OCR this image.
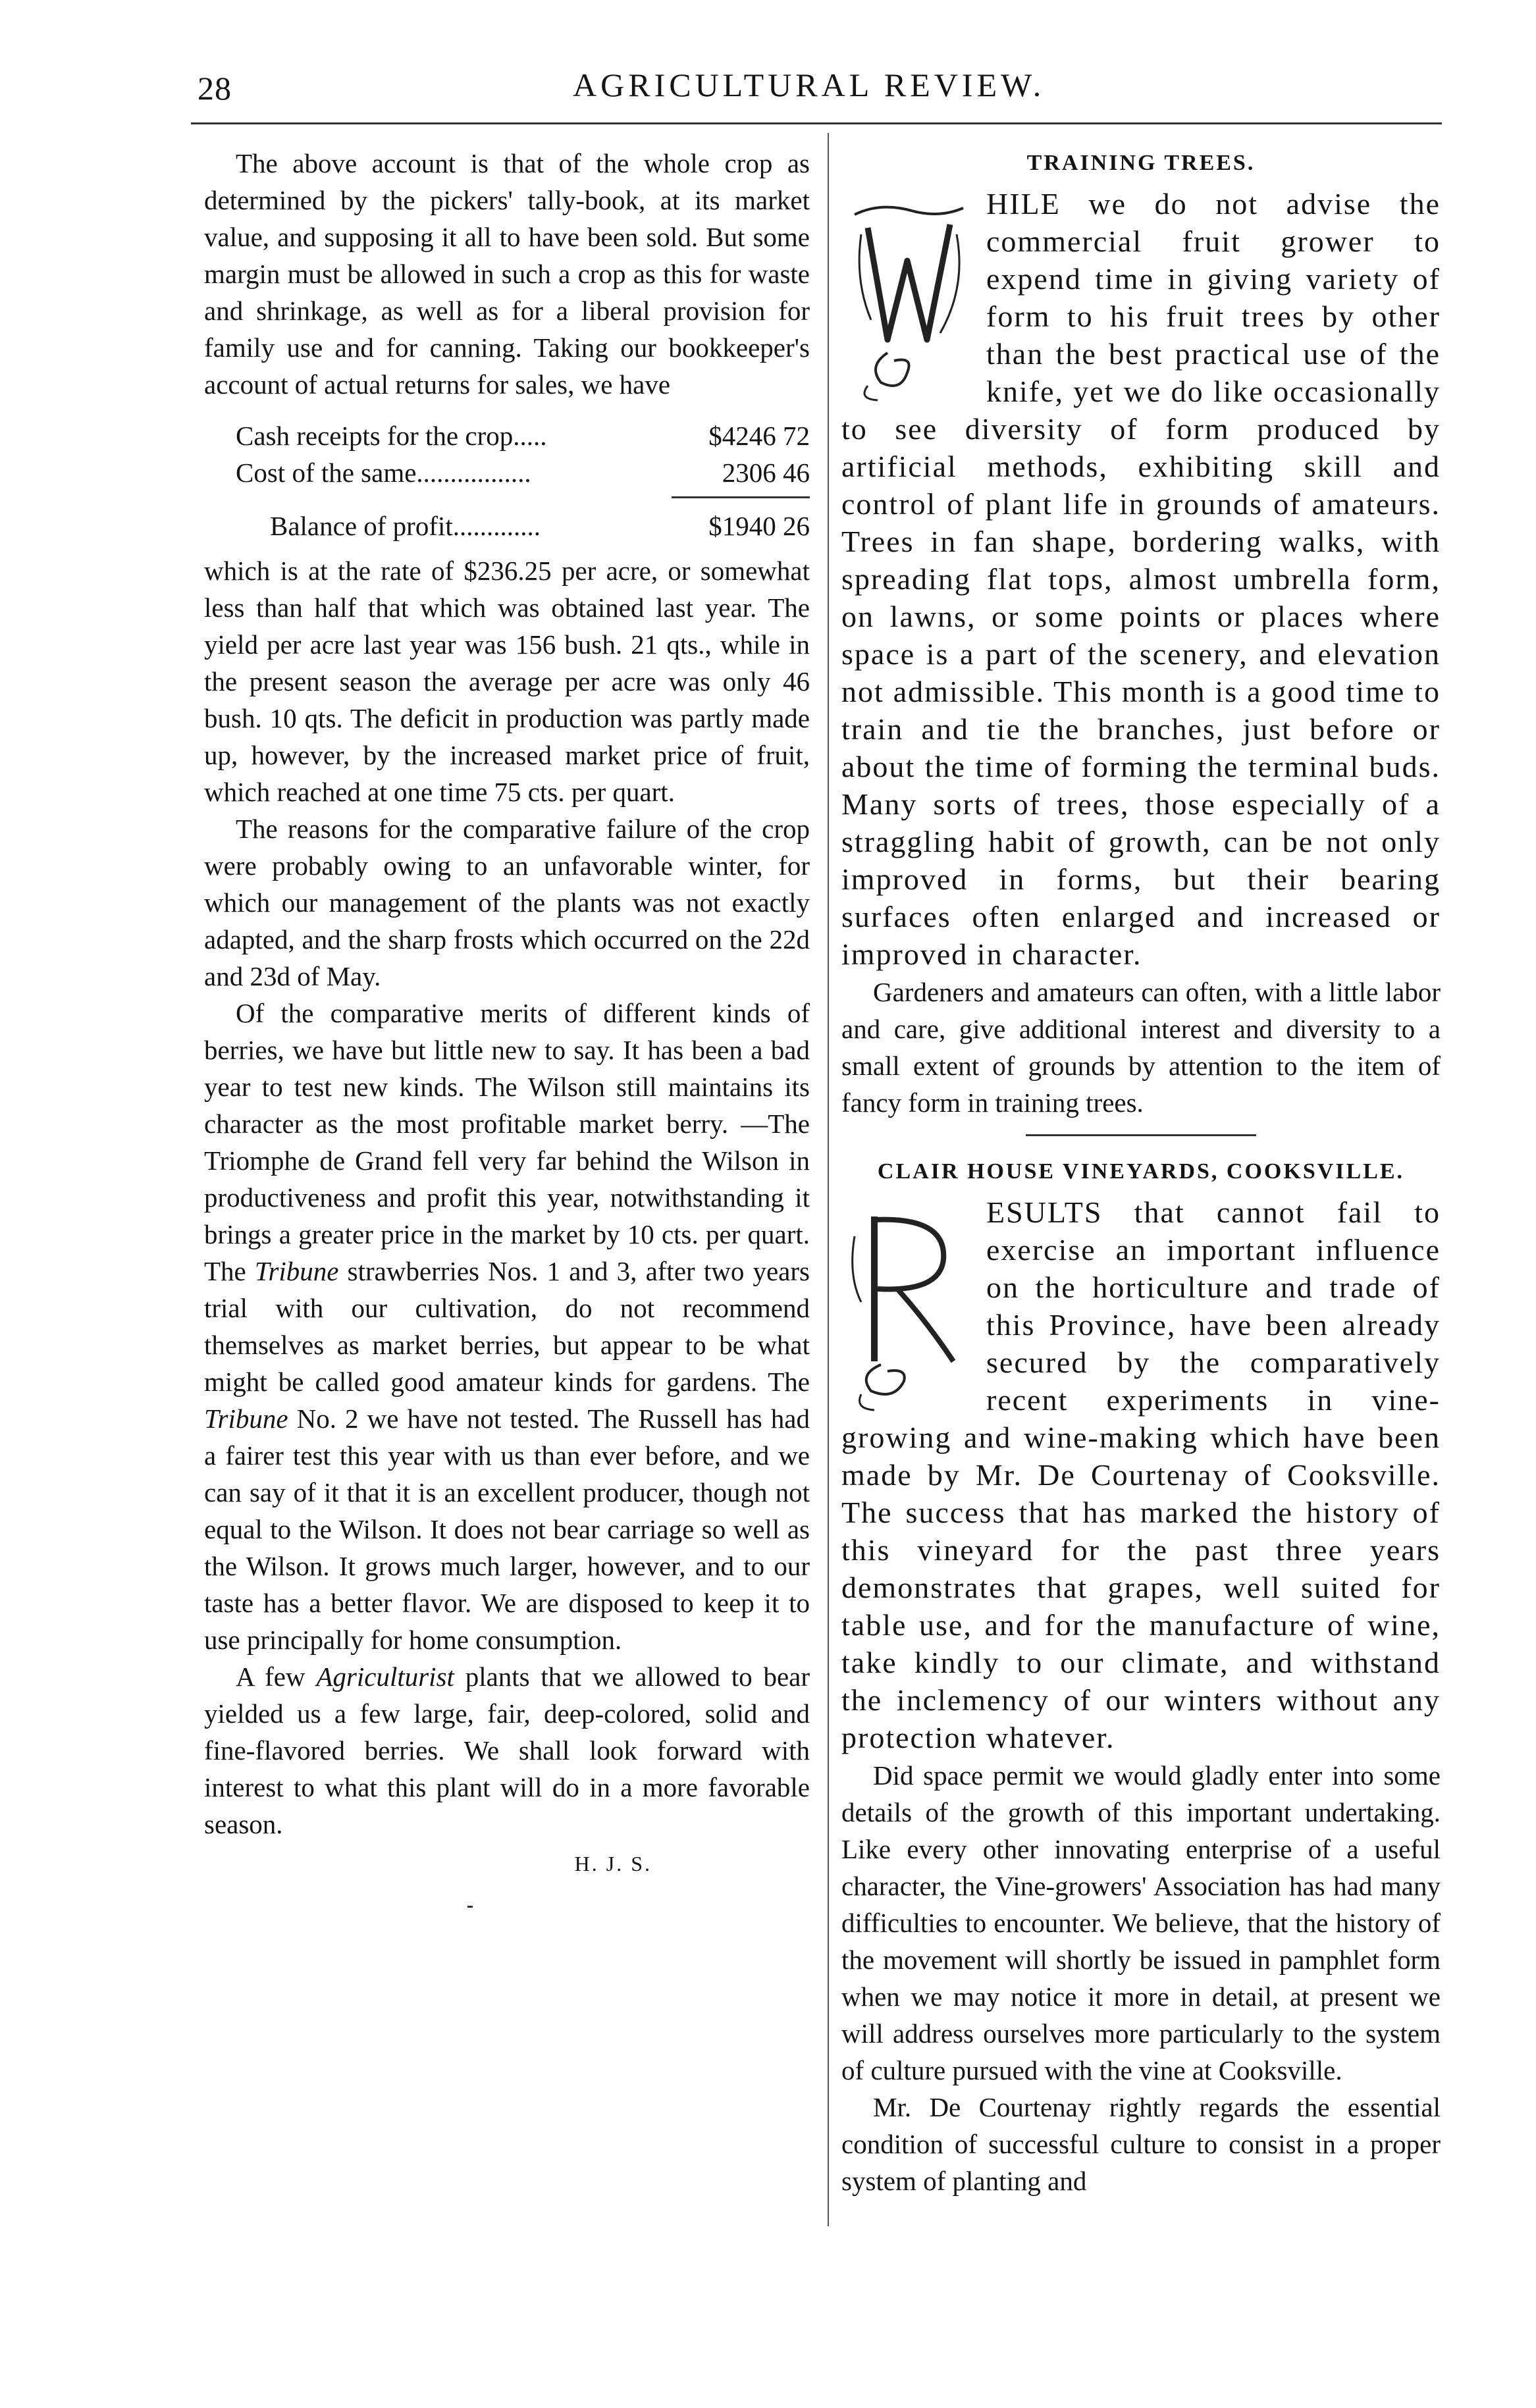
28	AGRICULTURAL REVIEW.

The above account is that of the whole crop as determined by the pickers' tally-book, at its market value, and supposing it all to have been sold. But some margin must be allowed in such a crop as this for waste and shrinkage, as well as for a liberal provision for family use and for canning. Taking our bookkeeper's account of actual returns for sales, we have

Cash receipts for the crop.....	$4246 72
Cost of the same.................	2306 46
Balance of profit.............	$1940 26

which is at the rate of $236.25 per acre, or somewhat less than half that which was obtained last year. The yield per acre last year was 156 bush. 21 qts., while in the present season the average per acre was only 46 bush. 10 qts. The deficit in production was partly made up, however, by the increased market price of fruit, which reached at one time 75 cts. per quart.

The reasons for the comparative failure of the crop were probably owing to an unfavorable winter, for which our management of the plants was not exactly adapted, and the sharp frosts which occurred on the 22d and 23d of May.

Of the comparative merits of different kinds of berries, we have but little new to say. It has been a bad year to test new kinds. The Wilson still maintains its character as the most profitable market berry. —The Triomphe de Grand fell very far behind the Wilson in productiveness and profit this year, notwithstanding it brings a greater price in the market by 10 cts. per quart. The Tribune strawberries Nos. 1 and 3, after two years trial with our cultivation, do not recommend themselves as market berries, but appear to be what might be called good amateur kinds for gardens. The Tribune No. 2 we have not tested. The Russell has had a fairer test this year with us than ever before, and we can say of it that it is an excellent producer, though not equal to the Wilson. It does not bear carriage so well as the Wilson. It grows much larger, however, and to our taste has a better flavor. We are disposed to keep it to use principally for home consumption.

A few Agriculturist plants that we allowed to bear yielded us a few large, fair, deep-colored, solid and fine-flavored berries. We shall look forward with interest to what this plant will do in a more favorable season.

H. J. S.
TRAINING TREES.

HILE we do not advise the commercial fruit grower to expend time in giving variety of form to his fruit trees by other than the best practical use of the knife, yet we do like occasionally to see diversity of form produced by artificial methods, exhibiting skill and control of plant life in grounds of amateurs. Trees in fan shape, bordering walks, with spreading flat tops, almost umbrella form, on lawns, or some points or places where space is a part of the scenery, and elevation not admissible. This month is a good time to train and tie the branches, just before or about the time of forming the terminal buds. Many sorts of trees, those especially of a straggling habit of growth, can be not only improved in forms, but their bearing surfaces often enlarged and increased or improved in character.

Gardeners and amateurs can often, with a little labor and care, give additional interest and diversity to a small extent of grounds by attention to the item of fancy form in training trees.

CLAIR HOUSE VINEYARDS, COOKSVILLE.

ESULTS that cannot fail to exercise an important influence on the horticulture and trade of this Province, have been already secured by the comparatively recent experiments in vine-growing and wine-making which have been made by Mr. De Courtenay of Cooksville. The success that has marked the history of this vineyard for the past three years demonstrates that grapes, well suited for table use, and for the manufacture of wine, take kindly to our climate, and withstand the inclemency of our winters without any protection whatever.

Did space permit we would gladly enter into some details of the growth of this important undertaking. Like every other innovating enterprise of a useful character, the Vine-growers' Association has had many difficulties to encounter. We believe, that the history of the movement will shortly be issued in pamphlet form when we may notice it more in detail, at present we will address ourselves more particularly to the system of culture pursued with the vine at Cooksville.

Mr. De Courtenay rightly regards the essential condition of successful culture to consist in a proper system of planting and
